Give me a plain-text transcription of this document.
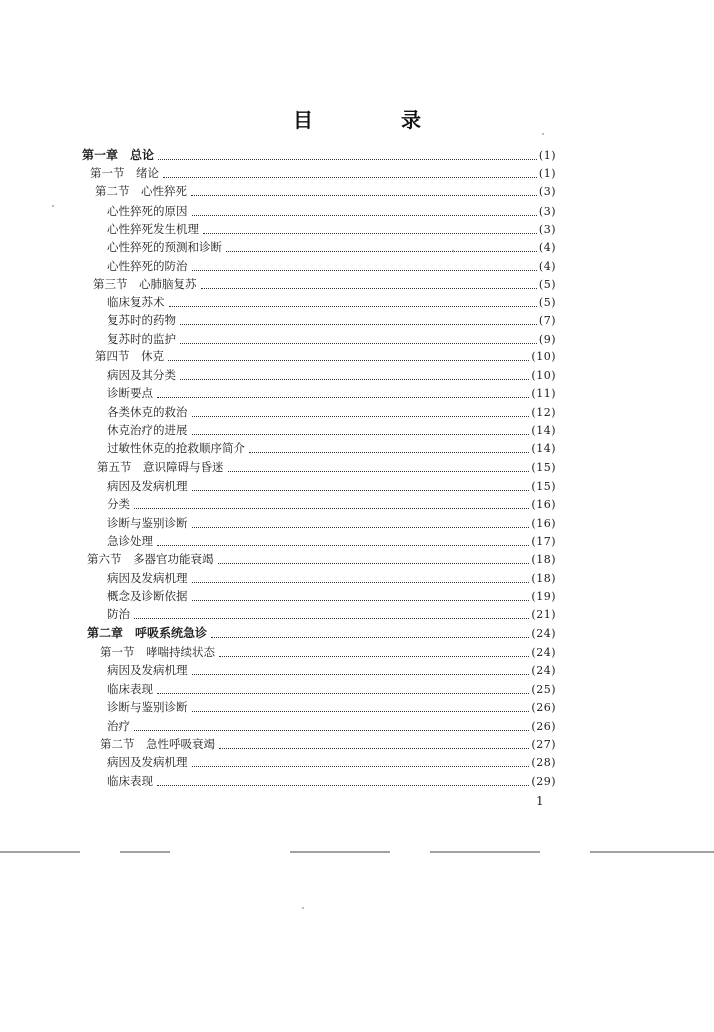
目　录
第一章　总论	(1)
第一节　绪论	(1)
第二节　心性猝死	(3)
心性猝死的原因	(3)
心性猝死发生机理	(3)
心性猝死的预测和诊断	(4)
心性猝死的防治	(4)
第三节　心肺脑复苏	(5)
临床复苏术	(5)
复苏时的药物	(7)
复苏时的监护	(9)
第四节　休克	(10)
病因及其分类	(10)
诊断要点	(11)
各类休克的救治	(12)
休克治疗的进展	(14)
过敏性休克的抢救顺序简介	(14)
第五节　意识障碍与昏迷	(15)
病因及发病机理	(15)
分类	(16)
诊断与鉴别诊断	(16)
急诊处理	(17)
第六节　多器官功能衰竭	(18)
病因及发病机理	(18)
概念及诊断依据	(19)
防治	(21)
第二章　呼吸系统急诊	(24)
第一节　哮喘持续状态	(24)
病因及发病机理	(24)
临床表现	(25)
诊断与鉴别诊断	(26)
治疗	(26)
第二节　急性呼吸衰竭	(27)
病因及发病机理	(28)
临床表现	(29)
1
